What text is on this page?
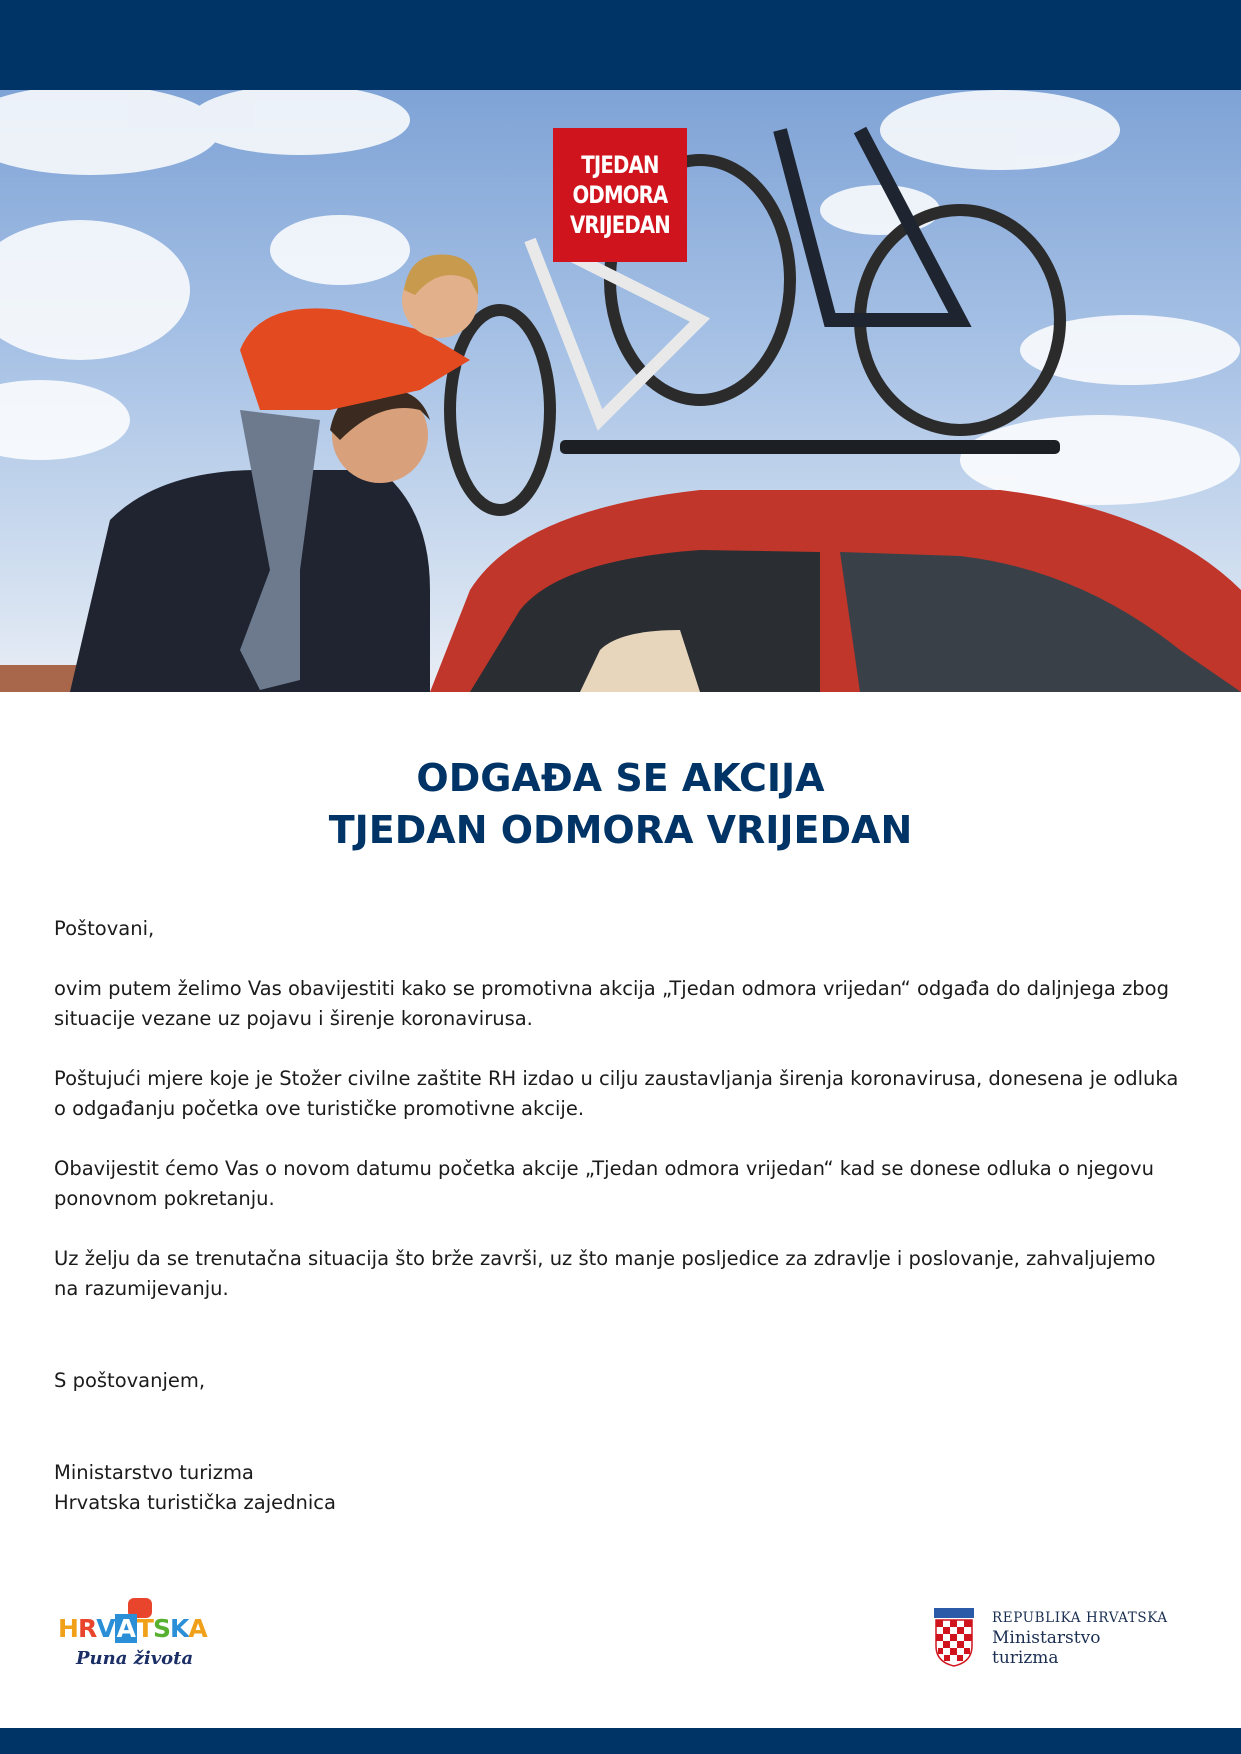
TJEDAN
ODMORA
VRIJEDAN
ODGAĐA SE AKCIJA
TJEDAN ODMORA VRIJEDAN

Poštovani,

ovim putem želimo Vas obavijestiti kako se promotivna akcija „Tjedan odmora vrijedan“ odgađa do daljnjega zbog situacije vezane uz pojavu i širenje koronavirusa.

Poštujući mjere koje je Stožer civilne zaštite RH izdao u cilju zaustavljanja širenja koronavirusa, donesena je odluka o odgađanju početka ove turističke promotivne akcije.

Obavijestit ćemo Vas o novom datumu početka akcije „Tjedan odmora vrijedan“ kad se donese odluka o njegovu ponovnom pokretanju.

Uz želju da se trenutačna situacija što brže završi, uz što manje posljedice za zdravlje i poslovanje, zahvaljujemo na razumijevanju.

S poštovanjem,

Ministarstvo turizma

Hrvatska turistička zajednica

H R V A T S K A
Puna života
REPUBLIKA HRVATSKA
Ministarstvo
turizma
